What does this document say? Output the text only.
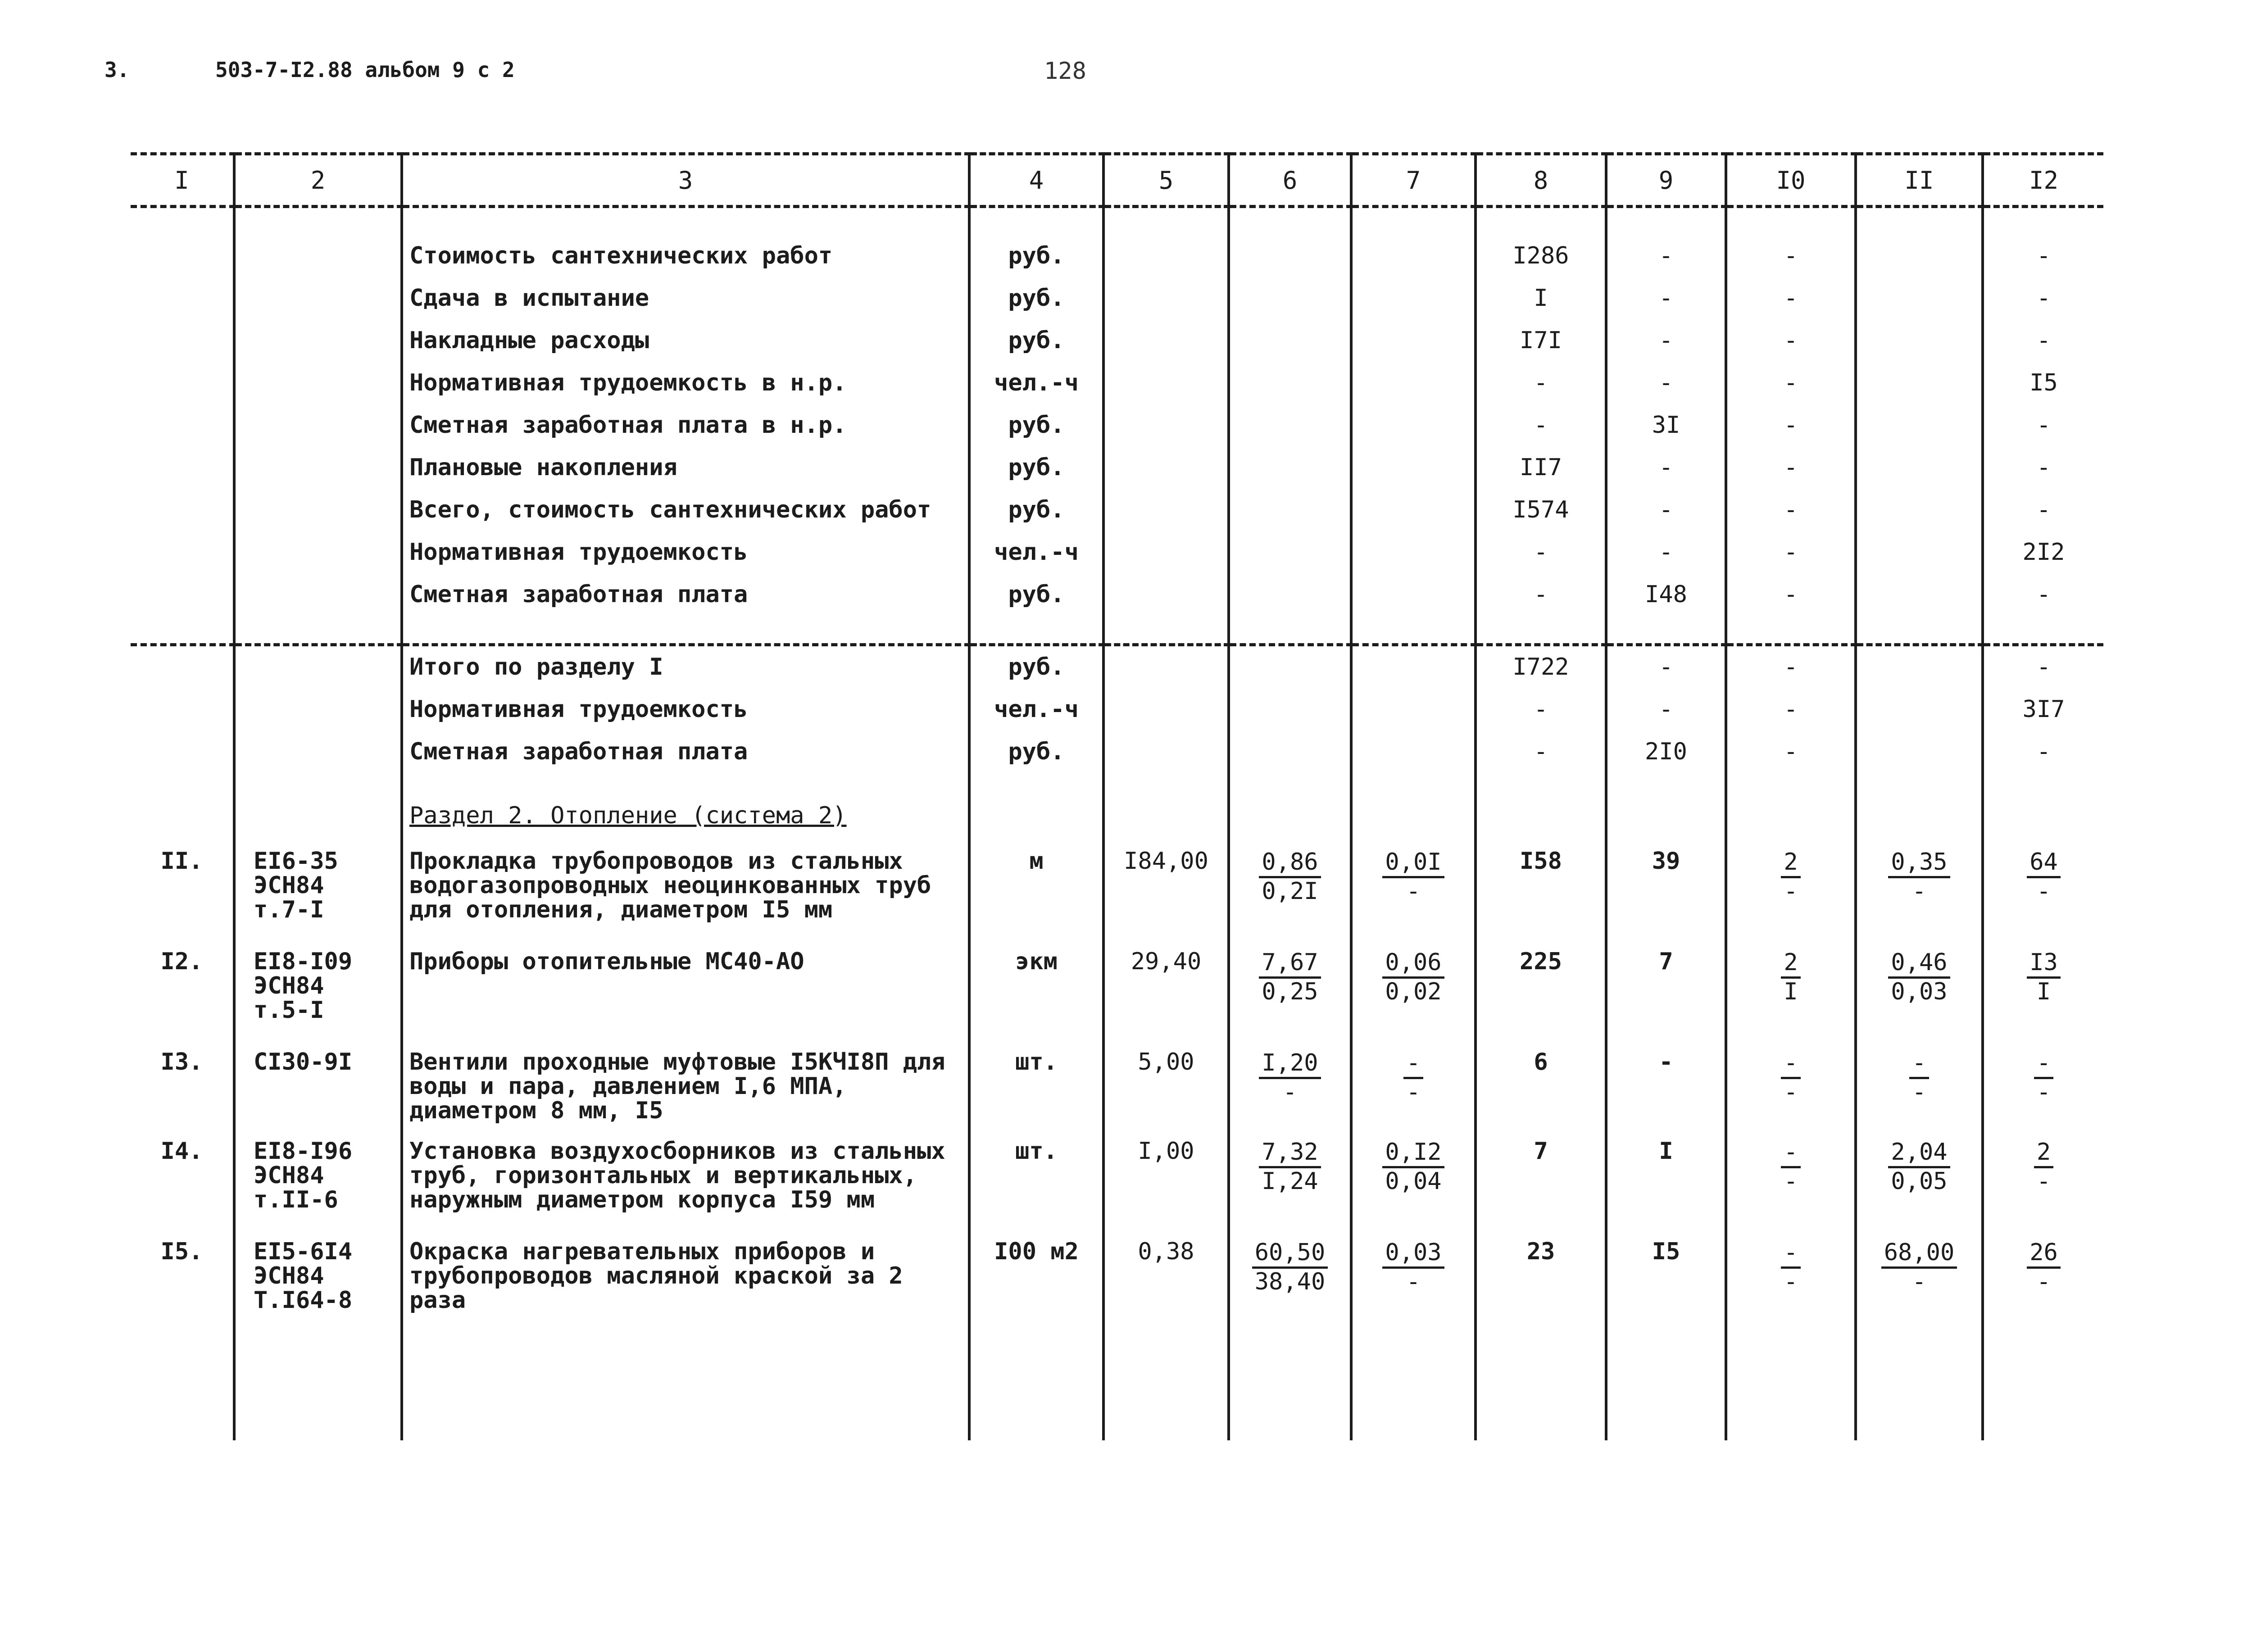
3.	503-7-I2.88 альбом 9 с 2	128
I	2	3	4	5	6	7	8	9	I0	II	I2

		Стоимость сантехнических работ	руб.				I286	-	-		-
		Сдача в испытание	руб.				I	-	-		-
		Накладные расходы	руб.				I7I	-	-		-
		Нормативная трудоемкость в н.р.	чел.-ч				-	-	-		I5
		Сметная заработная плата в н.р.	руб.				-	3I	-		-
		Плановые накопления	руб.				II7	-	-		-
		Всего, стоимость сантехнических работ	руб.				I574	-	-		-
		Нормативная трудоемкость	чел.-ч				-	-	-		2I2
		Сметная заработная плата	руб.				-	I48	-		-

		Итого по разделу I	руб.				I722	-	-		-
		Нормативная трудоемкость	чел.-ч				-	-	-		3I7
		Сметная заработная плата	руб.				-	2I0	-		-
		Раздел 2. Отопление (система 2)									
II.	EI6-35
ЭСН84
т.7-I	Прокладка трубопроводов из стальных водогазопроводных неоцинкованных труб для отопления, диаметром I5 мм	м	I84,00	$\frac{0,86}{0,2I}$	$\frac{0,0I}{-}$	I58	39	$\frac{2}{-}$	$\frac{0,35}{-}$	$\frac{64}{-}$

I2.	EI8-I09
ЭСН84
т.5-I	Приборы отопительные МС40-АО	экм	29,40	$\frac{7,67}{0,25}$	$\frac{0,06}{0,02}$	225	7	$\frac{2}{I}$	$\frac{0,46}{0,03}$	$\frac{I3}{I}$

I3.	CI30-9I	Вентили проходные муфтовые I5КЧI8П для воды и пара, давлением I,6 МПА, диаметром 8 мм, I5	шт.	5,00	$\frac{I,20}{-}$	$\frac{-}{-}$	6	-	$\frac{-}{-}$	$\frac{-}{-}$	$\frac{-}{-}$

I4.	EI8-I96
ЭСН84
т.II-6	Установка воздухосборников из стальных труб, горизонтальных и вертикальных, наружным диаметром корпуса I59 мм	шт.	I,00	$\frac{7,32}{I,24}$	$\frac{0,I2}{0,04}$	7	I	$\frac{-}{-}$	$\frac{2,04}{0,05}$	$\frac{2}{-}$

I5.	EI5-6I4
ЭСН84
Т.I64-8	Окраска нагревательных приборов и трубопроводов масляной краской за 2 раза	I00 м2	0,38	$\frac{60,50}{38,40}$	$\frac{0,03}{-}$	23	I5	$\frac{-}{-}$	$\frac{68,00}{-}$	$\frac{26}{-}$
